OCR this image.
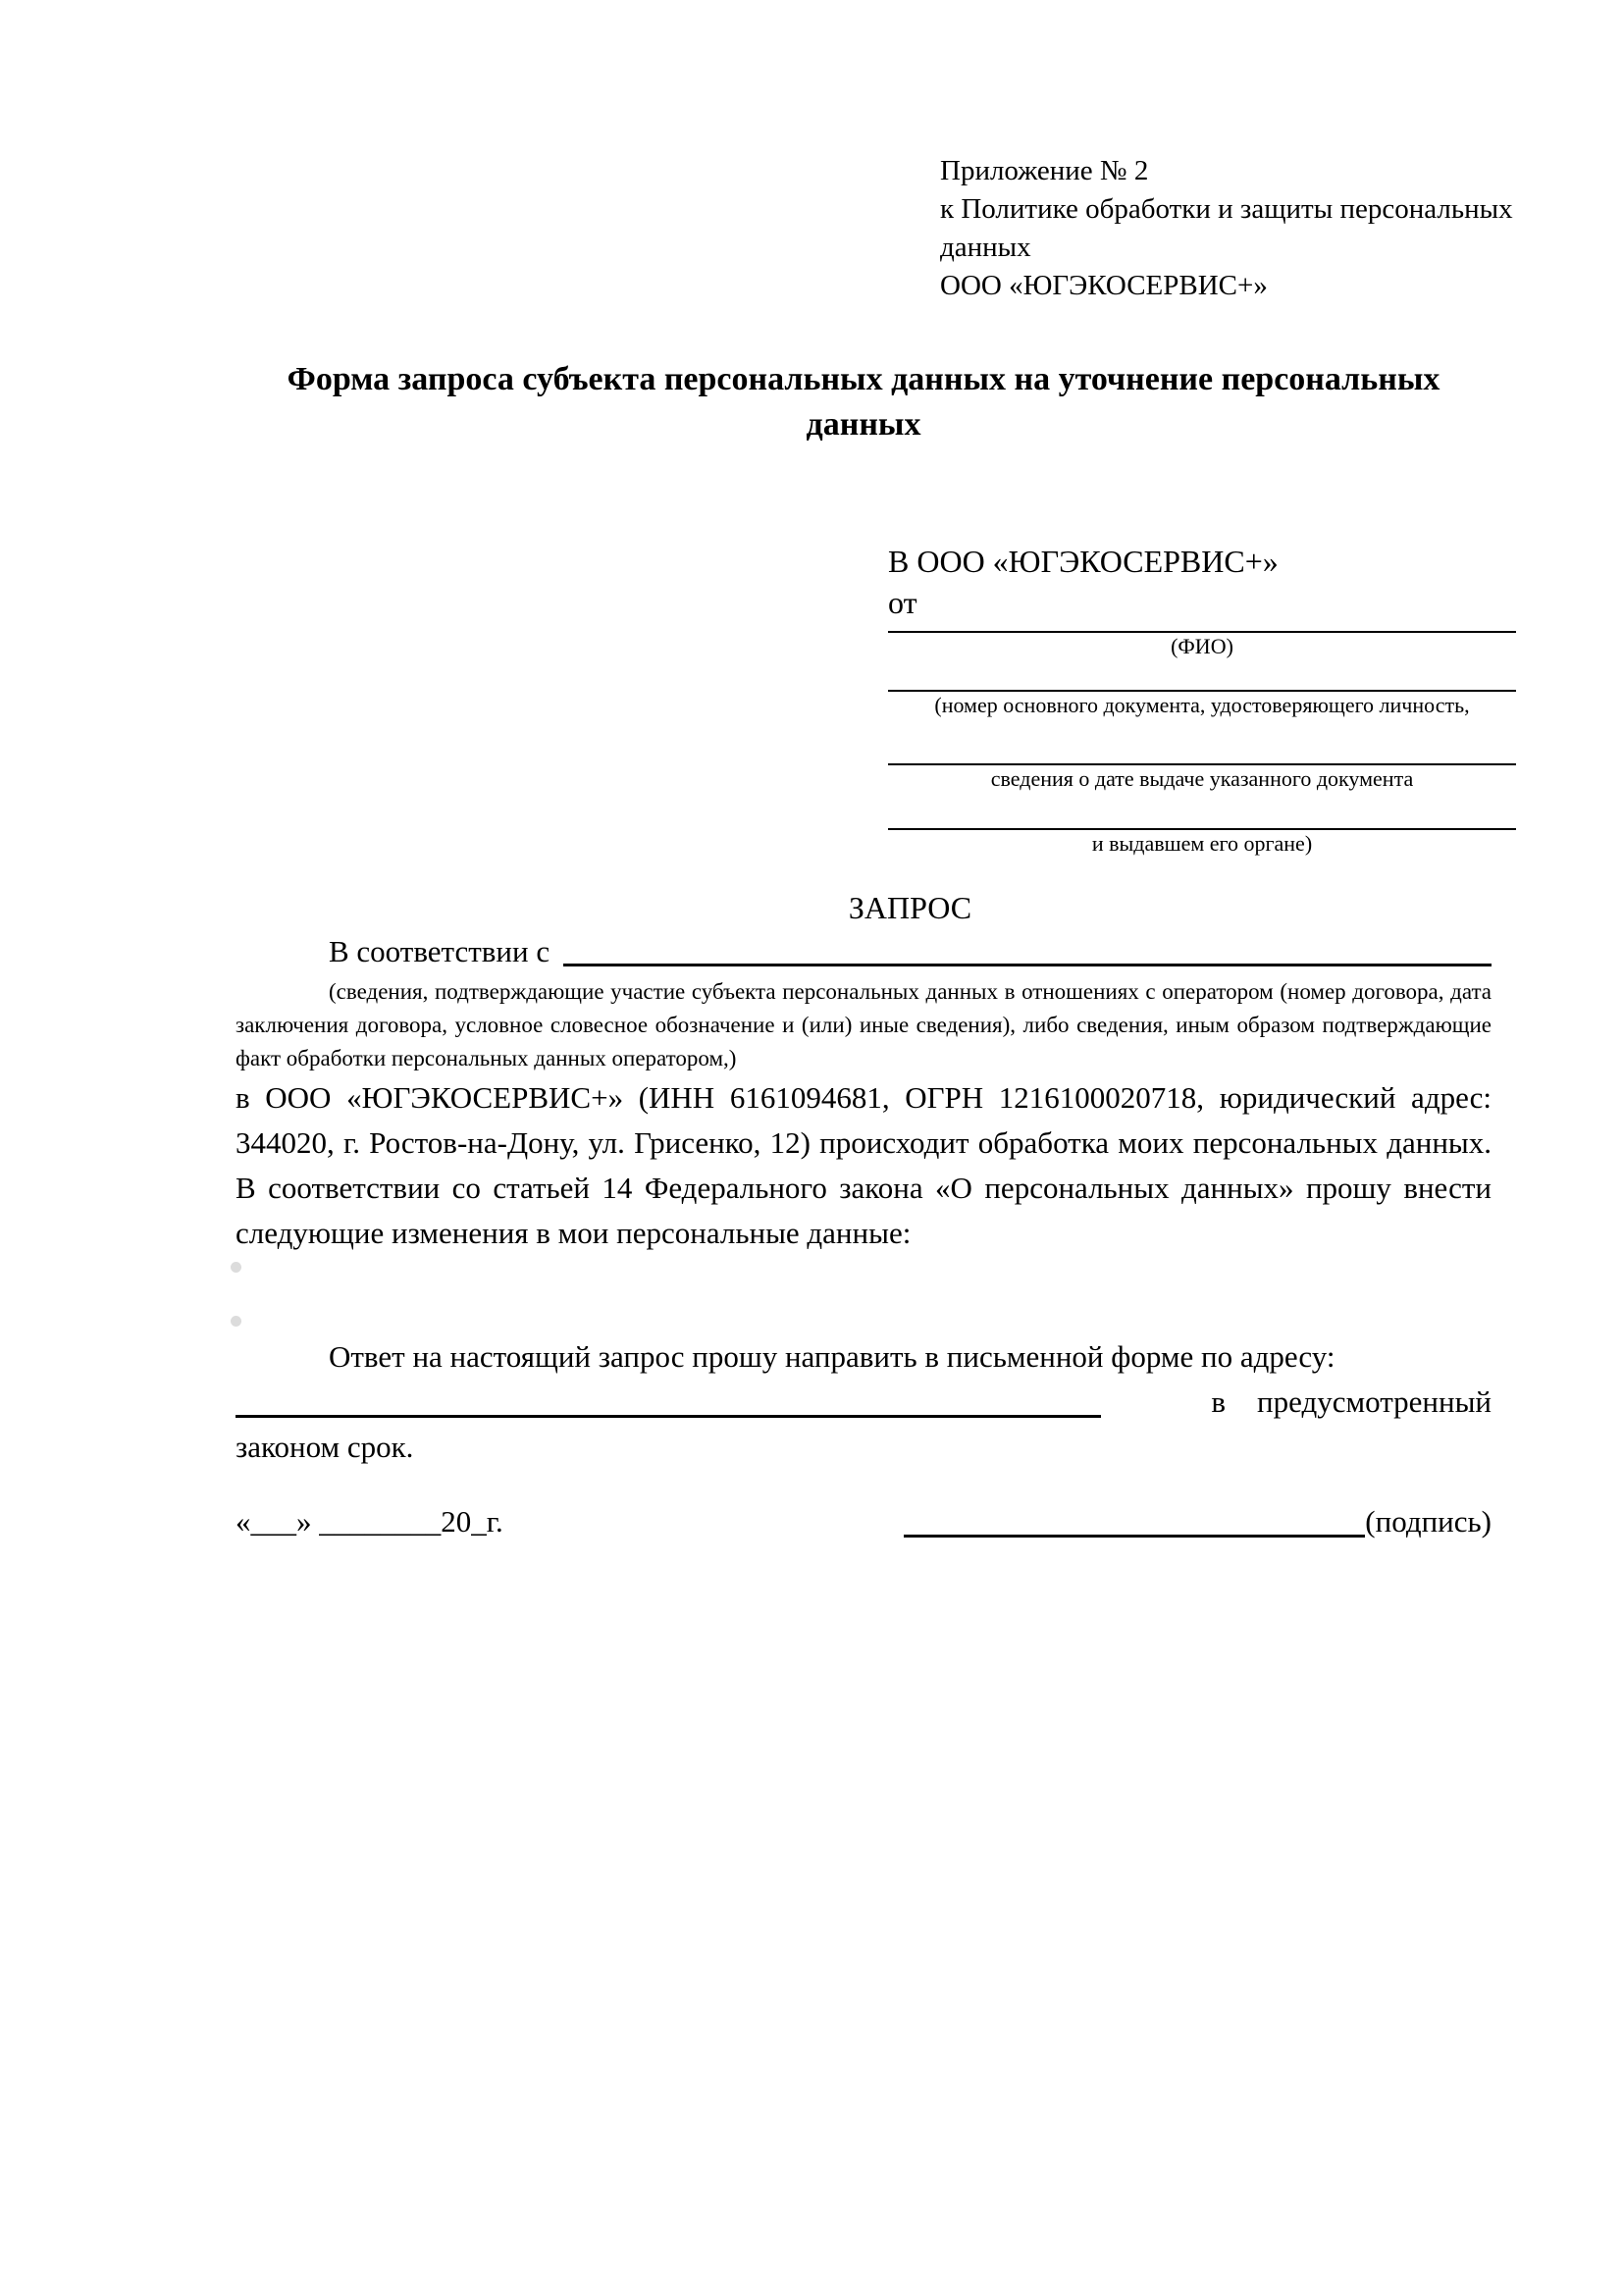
Приложение № 2
к Политике обработки и защиты персональных данных
ООО «ЮГЭКОСЕРВИС+»
Форма запроса субъекта персональных данных на уточнение персональных данных
В ООО «ЮГЭКОСЕРВИС+»
от
(ФИО)
(номер основного документа, удостоверяющего личность,
сведения о дате выдаче указанного документа
и выдавшем его органе)
ЗАПРОС
В соответствии с
(сведения, подтверждающие участие субъекта персональных данных в отношениях с оператором (номер договора, дата заключения договора, условное словесное обозначение и (или) иные сведения), либо сведения, иным образом подтверждающие факт обработки персональных данных оператором,)
в ООО «ЮГЭКОСЕРВИС+» (ИНН 6161094681, ОГРН 1216100020718, юридический адрес: 344020, г. Ростов-на-Дону, ул. Грисенко, 12) происходит обработка моих персональных данных. В соответствии со статьей 14 Федерального закона «О персональных данных» прошу внести следующие изменения в мои персональные данные:
Ответ на настоящий запрос прошу направить в письменной форме по адресу:
в предусмотренный
законом срок.
«___» ________20_г.	(подпись)
